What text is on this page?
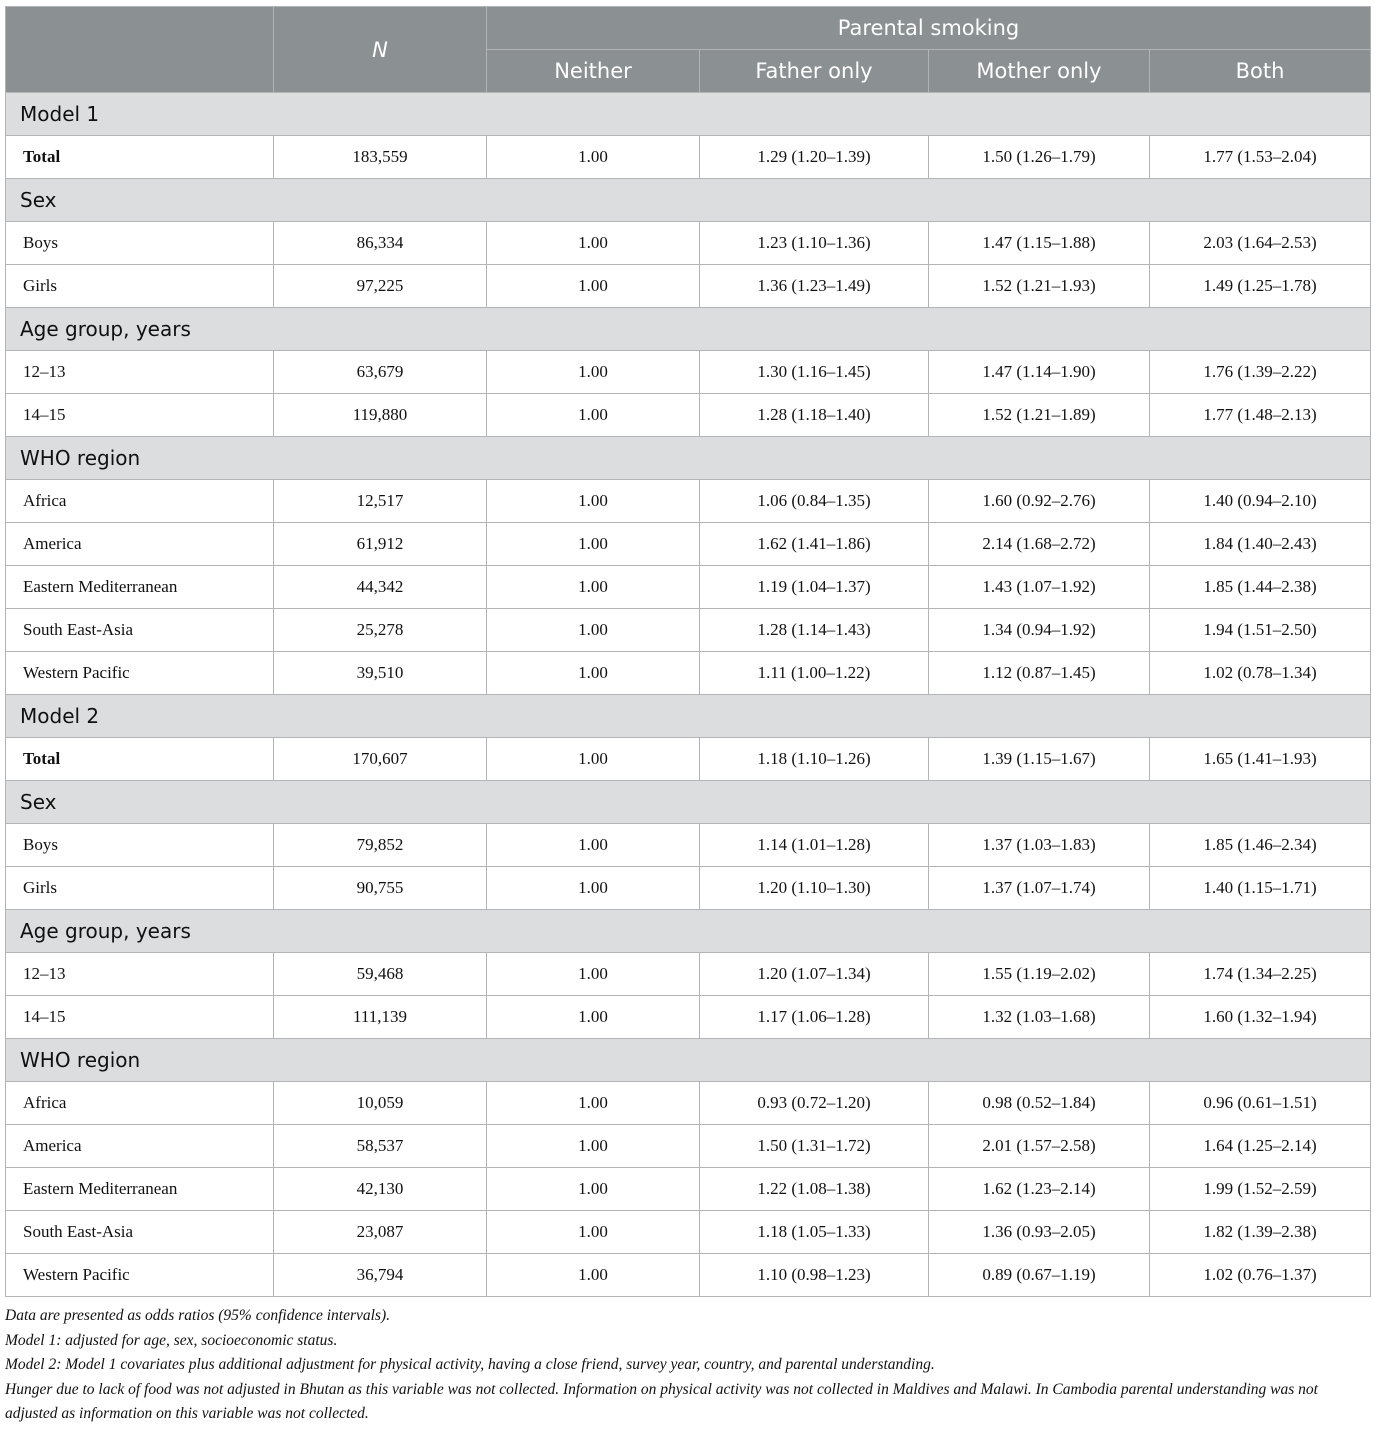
	N	Parental smoking			
		Neither	Father only	Mother only	Both
Model 1					
Total	183,559	1.00	1.29 (1.20–1.39)	1.50 (1.26–1.79)	1.77 (1.53–2.04)
Sex					
Boys	86,334	1.00	1.23 (1.10–1.36)	1.47 (1.15–1.88)	2.03 (1.64–2.53)
Girls	97,225	1.00	1.36 (1.23–1.49)	1.52 (1.21–1.93)	1.49 (1.25–1.78)
Age group, years					
12–13	63,679	1.00	1.30 (1.16–1.45)	1.47 (1.14–1.90)	1.76 (1.39–2.22)
14–15	119,880	1.00	1.28 (1.18–1.40)	1.52 (1.21–1.89)	1.77 (1.48–2.13)
WHO region					
Africa	12,517	1.00	1.06 (0.84–1.35)	1.60 (0.92–2.76)	1.40 (0.94–2.10)
America	61,912	1.00	1.62 (1.41–1.86)	2.14 (1.68–2.72)	1.84 (1.40–2.43)
Eastern Mediterranean	44,342	1.00	1.19 (1.04–1.37)	1.43 (1.07–1.92)	1.85 (1.44–2.38)
South East-Asia	25,278	1.00	1.28 (1.14–1.43)	1.34 (0.94–1.92)	1.94 (1.51–2.50)
Western Pacific	39,510	1.00	1.11 (1.00–1.22)	1.12 (0.87–1.45)	1.02 (0.78–1.34)
Model 2					
Total	170,607	1.00	1.18 (1.10–1.26)	1.39 (1.15–1.67)	1.65 (1.41–1.93)
Sex					
Boys	79,852	1.00	1.14 (1.01–1.28)	1.37 (1.03–1.83)	1.85 (1.46–2.34)
Girls	90,755	1.00	1.20 (1.10–1.30)	1.37 (1.07–1.74)	1.40 (1.15–1.71)
Age group, years					
12–13	59,468	1.00	1.20 (1.07–1.34)	1.55 (1.19–2.02)	1.74 (1.34–2.25)
14–15	111,139	1.00	1.17 (1.06–1.28)	1.32 (1.03–1.68)	1.60 (1.32–1.94)
WHO region					
Africa	10,059	1.00	0.93 (0.72–1.20)	0.98 (0.52–1.84)	0.96 (0.61–1.51)
America	58,537	1.00	1.50 (1.31–1.72)	2.01 (1.57–2.58)	1.64 (1.25–2.14)
Eastern Mediterranean	42,130	1.00	1.22 (1.08–1.38)	1.62 (1.23–2.14)	1.99 (1.52–2.59)
South East-Asia	23,087	1.00	1.18 (1.05–1.33)	1.36 (0.93–2.05)	1.82 (1.39–2.38)
Western Pacific	36,794	1.00	1.10 (0.98–1.23)	0.89 (0.67–1.19)	1.02 (0.76–1.37)
Data are presented as odds ratios (95% confidence intervals).
Model 1: adjusted for age, sex, socioeconomic status.
Model 2: Model 1 covariates plus additional adjustment for physical activity, having a close friend, survey year, country, and parental understanding.
Hunger due to lack of food was not adjusted in Bhutan as this variable was not collected. Information on physical activity was not collected in Maldives and Malawi. In Cambodia parental understanding was not adjusted as information on this variable was not collected.
